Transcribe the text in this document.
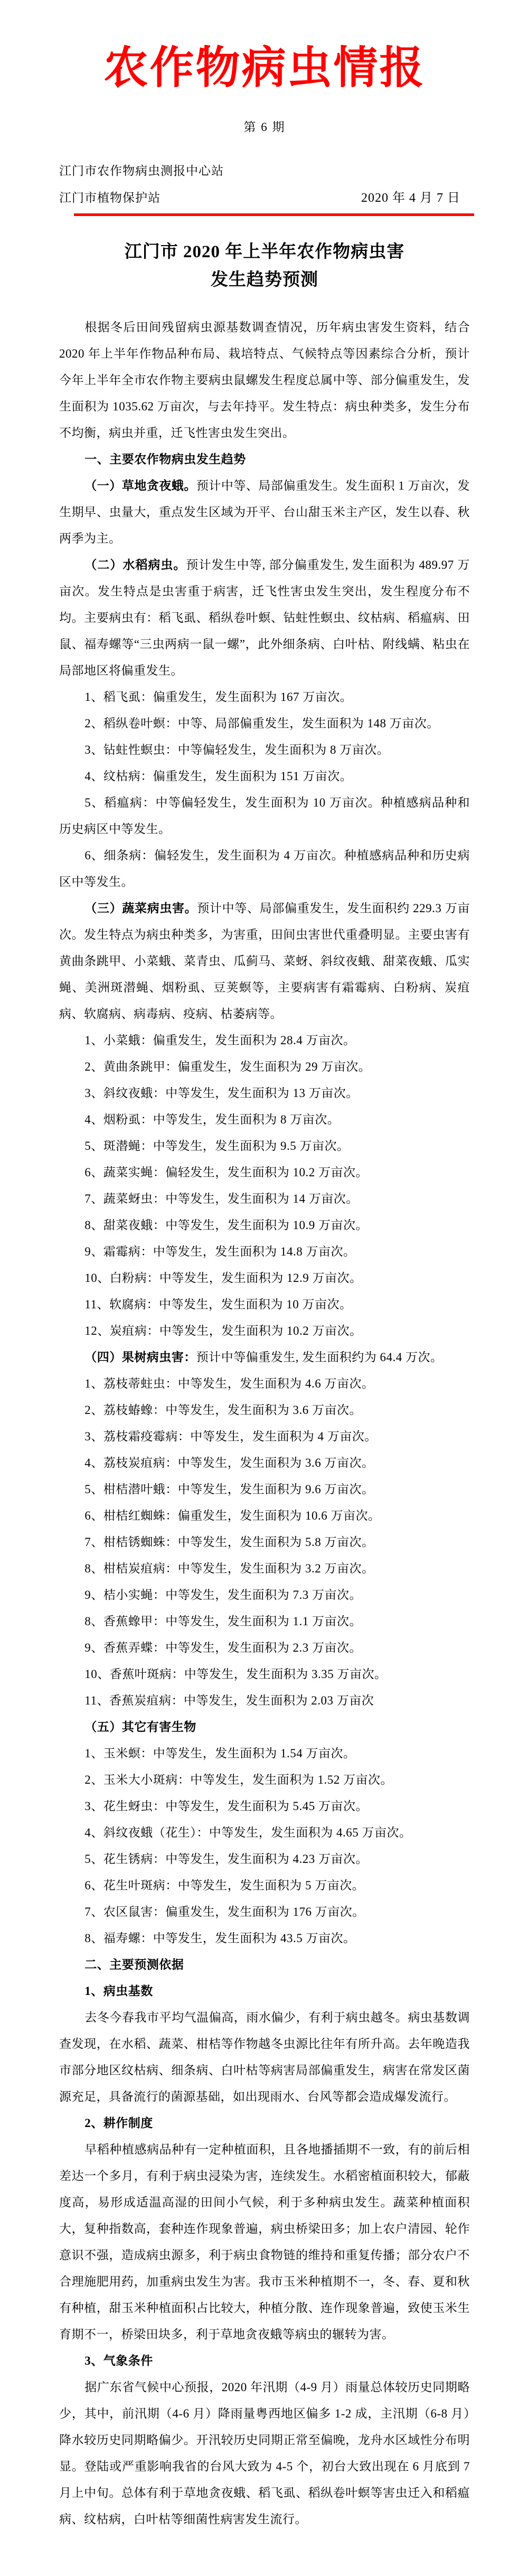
农作物病虫情报
第 6 期
江门市农作物病虫测报中心站
江门市植物保护站	2020 年 4 月 7 日
江门市 2020 年上半年农作物病虫害
发生趋势预测

根据冬后田间残留病虫源基数调查情况，历年病虫害发生资料，结合 2020 年上半年作物品种布局、栽培特点、气候特点等因素综合分析，预计今年上半年全市农作物主要病虫鼠螺发生程度总属中等、部分偏重发生，发生面积为 1035.62 万亩次，与去年持平。发生特点：病虫种类多，发生分布不均衡，病虫并重，迁飞性害虫发生突出。

一、主要农作物病虫发生趋势

（一）草地贪夜蛾。预计中等、局部偏重发生。发生面积 1 万亩次，发生期早、虫量大，重点发生区域为开平、台山甜玉米主产区，发生以春、秋两季为主。

（二）水稻病虫。预计发生中等, 部分偏重发生, 发生面积为 489.97 万亩次。发生特点是虫害重于病害，迁飞性害虫发生突出，发生程度分布不均。主要病虫有：稻飞虱、稻纵卷叶螟、钻蛀性螟虫、纹枯病、稻瘟病、田鼠、福寿螺等“三虫两病一鼠一螺”，此外细条病、白叶枯、附线螨、粘虫在局部地区将偏重发生。

1、稻飞虱：偏重发生，发生面积为 167 万亩次。

2、稻纵卷叶螟：中等、局部偏重发生，发生面积为 148 万亩次。

3、钻蛀性螟虫：中等偏轻发生，发生面积为 8 万亩次。

4、纹枯病：偏重发生，发生面积为 151 万亩次。

5、稻瘟病：中等偏轻发生，发生面积为 10 万亩次。种植感病品种和历史病区中等发生。

6、细条病：偏轻发生，发生面积为 4 万亩次。种植感病品种和历史病区中等发生。

（三）蔬菜病虫害。预计中等、局部偏重发生，发生面积约 229.3 万亩次。发生特点为病虫种类多，为害重，田间虫害世代重叠明显。主要虫害有黄曲条跳甲、小菜蛾、菜青虫、瓜蓟马、菜蚜、斜纹夜蛾、甜菜夜蛾、瓜实蝇、美洲斑潜蝇、烟粉虱、豆荚螟等，主要病害有霜霉病、白粉病、炭疽病、软腐病、病毒病、疫病、枯萎病等。

1、小菜蛾：偏重发生，发生面积为 28.4 万亩次。

2、黄曲条跳甲：偏重发生，发生面积为 29 万亩次。

3、斜纹夜蛾：中等发生，发生面积为 13 万亩次。

4、烟粉虱：中等发生，发生面积为 8 万亩次。

5、斑潜蝇：中等发生，发生面积为 9.5 万亩次。

6、蔬菜实蝇：偏轻发生，发生面积为 10.2 万亩次。

7、蔬菜蚜虫：中等发生，发生面积为 14 万亩次。

8、甜菜夜蛾：中等发生，发生面积为 10.9 万亩次。

9、霜霉病：中等发生，发生面积为 14.8 万亩次。

10、白粉病：中等发生，发生面积为 12.9 万亩次。

11、软腐病：中等发生，发生面积为 10 万亩次。

12、炭疽病：中等发生，发生面积为 10.2 万亩次。

（四）果树病虫害：预计中等偏重发生, 发生面积约为 64.4 万次。

1、荔枝蒂蛀虫：中等发生，发生面积为 4.6 万亩次。

2、荔枝蝽蟓：中等发生，发生面积为 3.6 万亩次。

3、荔枝霜疫霉病：中等发生，发生面积为 4 万亩次。

4、荔枝炭疽病：中等发生，发生面积为 3.6 万亩次。

5、柑桔潜叶蛾：中等发生，发生面积为 9.6 万亩次。

6、柑桔红蜘蛛：偏重发生，发生面积为 10.6 万亩次。

7、柑桔锈蜘蛛：中等发生，发生面积为 5.8 万亩次。

8、柑桔炭疽病：中等发生，发生面积为 3.2 万亩次。

9、桔小实蝇：中等发生，发生面积为 7.3 万亩次。

8、香蕉蟓甲：中等发生，发生面积为 1.1 万亩次。

9、香蕉弄蝶：中等发生，发生面积为 2.3 万亩次。

10、香蕉叶斑病：中等发生，发生面积为 3.35 万亩次。

11、香蕉炭疽病：中等发生，发生面积为 2.03 万亩次

（五）其它有害生物

1、玉米螟：中等发生，发生面积为 1.54 万亩次。

2、玉米大小斑病：中等发生，发生面积为 1.52 万亩次。

3、花生蚜虫：中等发生，发生面积为 5.45 万亩次。

4、斜纹夜蛾（花生）：中等发生，发生面积为 4.65 万亩次。

5、花生锈病：中等发生，发生面积为 4.23 万亩次。

6、花生叶斑病：中等发生，发生面积为 5 万亩次。

7、农区鼠害：偏重发生，发生面积为 176 万亩次。

8、福寿螺：中等发生，发生面积为 43.5 万亩次。

二、主要预测依据

1、病虫基数

去冬今春我市平均气温偏高，雨水偏少，有利于病虫越冬。病虫基数调查发现，在水稻、蔬菜、柑桔等作物越冬虫源比往年有所升高。去年晚造我市部分地区纹枯病、细条病、白叶枯等病害局部偏重发生，病害在常发区菌源充足，具备流行的菌源基础，如出现雨水、台风等都会造成爆发流行。

2、耕作制度

早稻种植感病品种有一定种植面积，且各地播插期不一致，有的前后相差达一个多月，有利于病虫浸染为害，连续发生。水稻密植面积较大，郁蔽度高，易形成适温高湿的田间小气候，利于多种病虫发生。蔬菜种植面积大，复种指数高，套种连作现象普遍，病虫桥梁田多；加上农户清园、轮作意识不强，造成病虫源多，利于病虫食物链的维持和重复传播；部分农户不合理施肥用药，加重病虫发生为害。我市玉米种植期不一，冬、春、夏和秋有种植，甜玉米种植面积占比较大，种植分散、连作现象普遍，致使玉米生育期不一，桥梁田块多，利于草地贪夜蛾等病虫的辗转为害。

3、气象条件

据广东省气候中心预报，2020 年汛期（4-9 月）雨量总体较历史同期略少，其中，前汛期（4-6 月）降雨量粤西地区偏多 1-2 成，主汛期（6-8 月）降水较历史同期略偏少。开汛较历史同期正常至偏晚，龙舟水区域性分布明显。登陆或严重影响我省的台风大致为 4-5 个，初台大致出现在 6 月底到 7 月上中旬。总体有利于草地贪夜蛾、稻飞虱、稻纵卷叶螟等害虫迁入和稻瘟病、纹枯病，白叶枯等细菌性病害发生流行。
